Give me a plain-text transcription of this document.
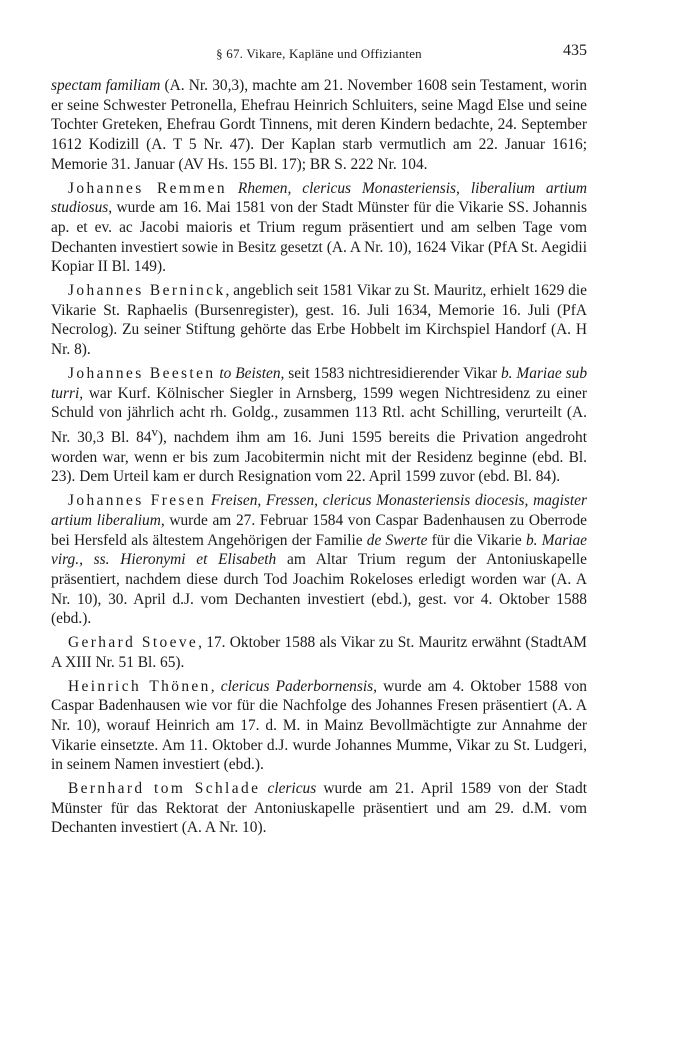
§ 67. Vikare, Kapläne und Offizianten	435

spectam familiam (A. Nr. 30,3), machte am 21. November 1608 sein Testament, worin er seine Schwester Petronella, Ehefrau Heinrich Schluiters, seine Magd Else und seine Tochter Greteken, Ehefrau Gordt Tinnens, mit deren Kindern bedachte, 24. September 1612 Kodizill (A. T 5 Nr. 47). Der Kaplan starb vermutlich am 22. Januar 1616; Memorie 31. Januar (AV Hs. 155 Bl. 17); BR S. 222 Nr. 104.

Johannes Remmen Rhemen, clericus Monasteriensis, liberalium artium studiosus, wurde am 16. Mai 1581 von der Stadt Münster für die Vikarie SS. Johannis ap. et ev. ac Jacobi maioris et Trium regum präsentiert und am selben Tage vom Dechanten investiert sowie in Besitz gesetzt (A. A Nr. 10), 1624 Vikar (PfA St. Aegidii Kopiar II Bl. 149).

Johannes Berninck, angeblich seit 1581 Vikar zu St. Mauritz, erhielt 1629 die Vikarie St. Raphaelis (Bursenregister), gest. 16. Juli 1634, Memorie 16. Juli (PfA Necrolog). Zu seiner Stiftung gehörte das Erbe Hobbelt im Kirchspiel Handorf (A. H Nr. 8).

Johannes Beesten to Beisten, seit 1583 nichtresidierender Vikar b. Mariae sub turri, war Kurf. Kölnischer Siegler in Arnsberg, 1599 wegen Nichtresidenz zu einer Schuld von jährlich acht rh. Goldg., zusammen 113 Rtl. acht Schilling, verurteilt (A. Nr. 30,3 Bl. 84$^v$), nachdem ihm am 16. Juni 1595 bereits die Privation angedroht worden war, wenn er bis zum Jacobitermin nicht mit der Residenz beginne (ebd. Bl. 23). Dem Urteil kam er durch Resignation vom 22. April 1599 zuvor (ebd. Bl. 84).

Johannes Fresen Freisen, Fressen, clericus Monasteriensis diocesis, magister artium liberalium, wurde am 27. Februar 1584 von Caspar Badenhausen zu Oberrode bei Hersfeld als ältestem Angehörigen der Familie de Swerte für die Vikarie b. Mariae virg., ss. Hieronymi et Elisabeth am Altar Trium regum der Antoniuskapelle präsentiert, nachdem diese durch Tod Joachim Rokeloses erledigt worden war (A. A Nr. 10), 30. April d.J. vom Dechanten investiert (ebd.), gest. vor 4. Oktober 1588 (ebd.).

Gerhard Stoeve, 17. Oktober 1588 als Vikar zu St. Mauritz erwähnt (StadtAM A XIII Nr. 51 Bl. 65).

Heinrich Thönen, clericus Paderbornensis, wurde am 4. Oktober 1588 von Caspar Badenhausen wie vor für die Nachfolge des Johannes Fresen präsentiert (A. A Nr. 10), worauf Heinrich am 17. d. M. in Mainz Bevollmächtigte zur Annahme der Vikarie einsetzte. Am 11. Oktober d.J. wurde Johannes Mumme, Vikar zu St. Ludgeri, in seinem Namen investiert (ebd.).

Bernhard tom Schlade clericus wurde am 21. April 1589 von der Stadt Münster für das Rektorat der Antoniuskapelle präsentiert und am 29. d.M. vom Dechanten investiert (A. A Nr. 10).
